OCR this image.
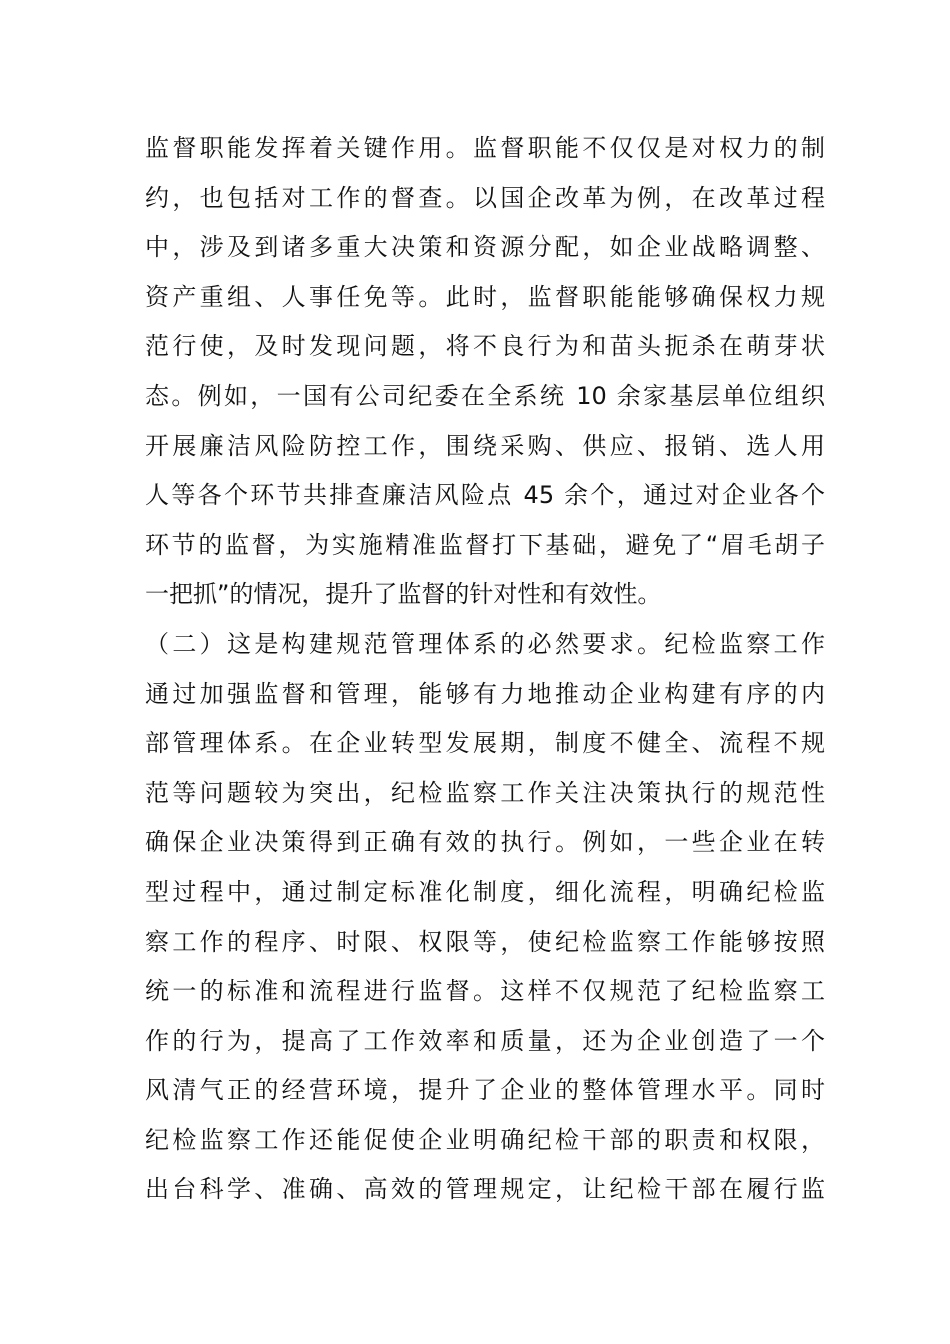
监督职能发挥着关键作用。监督职能不仅仅是对权力的制
约，也包括对工作的督查。以国企改革为例，在改革过程
中，涉及到诸多重大决策和资源分配，如企业战略调整、
资产重组、人事任免等。此时，监督职能能够确保权力规
范行使，及时发现问题，将不良行为和苗头扼杀在萌芽状
态。例如，一国有公司纪委在全系统 10 余家基层单位组织
开展廉洁风险防控工作，围绕采购、供应、报销、选人用
人等各个环节共排查廉洁风险点 45 余个，通过对企业各个
环节的监督，为实施精准监督打下基础，避免了“眉毛胡子
一把抓”的情况，提升了监督的针对性和有效性。
（二）这是构建规范管理体系的必然要求。纪检监察工作
通过加强监督和管理，能够有力地推动企业构建有序的内
部管理体系。在企业转型发展期，制度不健全、流程不规
范等问题较为突出，纪检监察工作关注决策执行的规范性
确保企业决策得到正确有效的执行。例如，一些企业在转
型过程中，通过制定标准化制度，细化流程，明确纪检监
察工作的程序、时限、权限等，使纪检监察工作能够按照
统一的标准和流程进行监督。这样不仅规范了纪检监察工
作的行为，提高了工作效率和质量，还为企业创造了一个
风清气正的经营环境，提升了企业的整体管理水平。同时
纪检监察工作还能促使企业明确纪检干部的职责和权限，
出台科学、准确、高效的管理规定，让纪检干部在履行监
